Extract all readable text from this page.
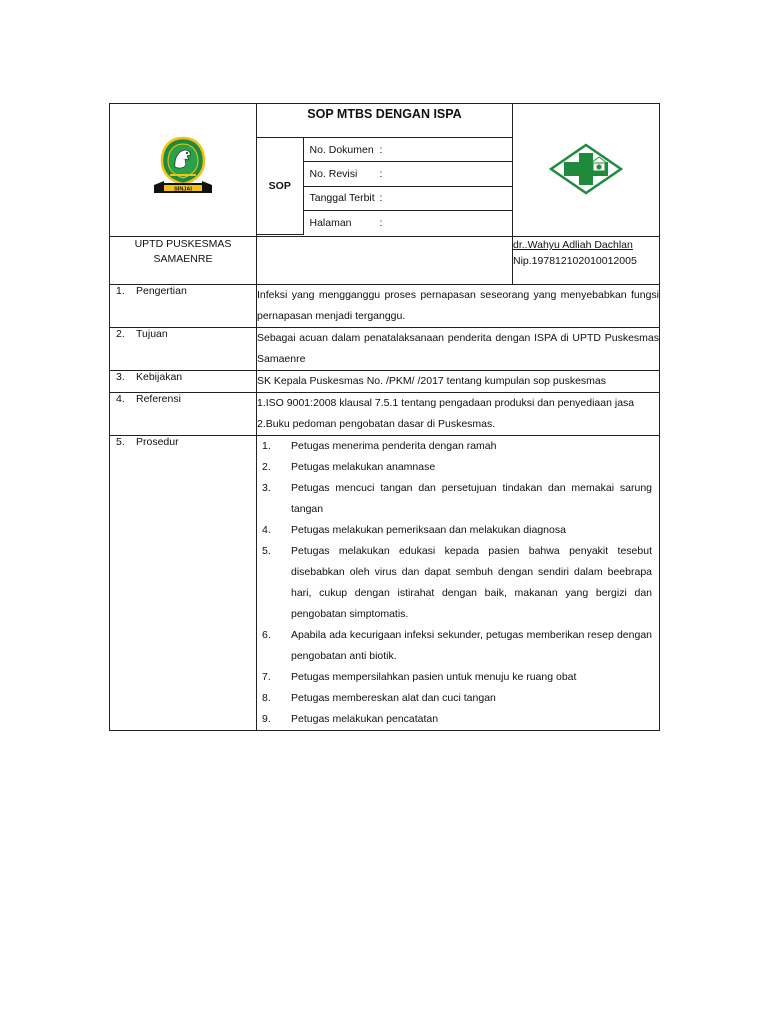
SINJAI

SOP MTBS DENGAN ISPA
SOP	No. Dokumen :
No. Revisi :
Tanggal Terbit :
Halaman	:

UPTD PUSKESMAS
SAMAENRE

dr..Wahyu Adliah Dachlan
Nip.197812102010012005

1. Pengertian	Infeksi yang mengganggu proses pernapasan seseorang yang menyebabkan fungsi pernapasan menjadi terganggu.
2. Tujuan	Sebagai acuan dalam penatalaksanaan penderita dengan ISPA di UPTD Puskesmas Samaenre
3. Kebijakan	SK Kepala Puskesmas No. /PKM/ /2017 tentang kumpulan sop puskesmas
4. Referensi	1.ISO 9001:2008 klausal 7.5.1 tentang pengadaan produksi dan penyediaan jasa
2.Buku pedoman pengobatan dasar di Puskesmas.

5. Prosedur	1.	Petugas menerima penderita dengan ramah
2.	Petugas melakukan anamnase
3.	Petugas mencuci tangan dan persetujuan tindakan dan memakai sarung tangan
4.	Petugas melakukan pemeriksaan dan melakukan diagnosa
5.	Petugas melakukan edukasi kepada pasien bahwa penyakit tesebut disebabkan oleh virus dan dapat sembuh dengan sendiri dalam beebrapa hari, cukup dengan istirahat dengan baik, makanan yang bergizi dan pengobatan simptomatis.
6.	Apabila ada kecurigaan infeksi sekunder, petugas memberikan resep dengan pengobatan anti biotik.
7.	Petugas mempersilahkan pasien untuk menuju ke ruang obat
8.	Petugas membereskan alat dan cuci tangan
9.	Petugas melakukan pencatatan
